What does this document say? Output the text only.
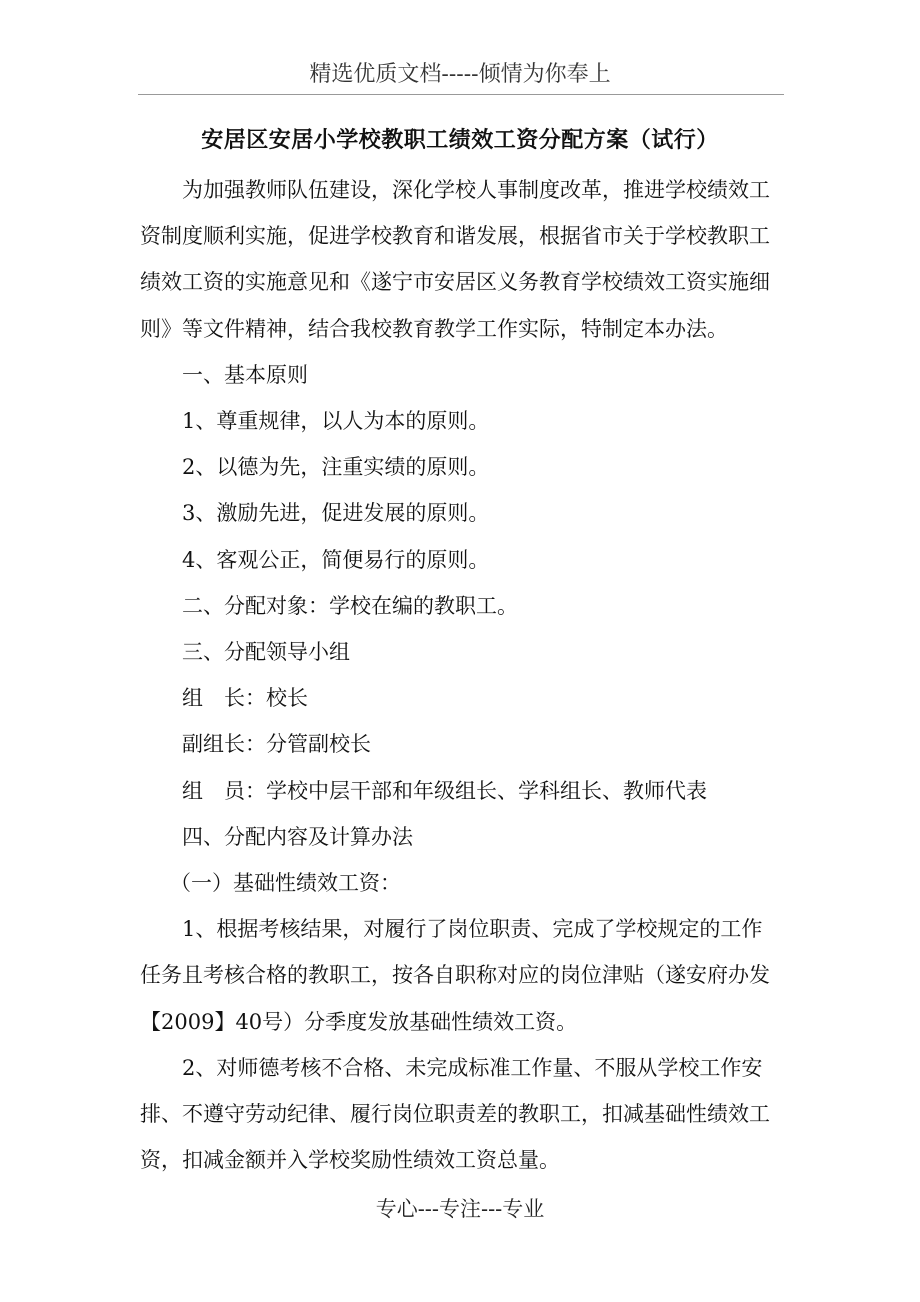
精选优质文档-----倾情为你奉上
安居区安居小学校教职工绩效工资分配方案（试行）

为加强教师队伍建设，深化学校人事制度改革，推进学校绩效工
资制度顺利实施，促进学校教育和谐发展，根据省市关于学校教职工
绩效工资的实施意见和《遂宁市安居区义务教育学校绩效工资实施细
则》等文件精神，结合我校教育教学工作实际，特制定本办法。

一、基本原则

1、尊重规律，以人为本的原则。

2、以德为先，注重实绩的原则。

3、激励先进，促进发展的原则。

4、客观公正，简便易行的原则。

二、分配对象：学校在编的教职工。

三、分配领导小组

组　长：校长

副组长：分管副校长

组　员：学校中层干部和年级组长、学科组长、教师代表

四、分配内容及计算办法

（一）基础性绩效工资：

1、根据考核结果，对履行了岗位职责、完成了学校规定的工作
任务且考核合格的教职工，按各自职称对应的岗位津贴（遂安府办发
【2009】40号）分季度发放基础性绩效工资。

2、对师德考核不合格、未完成标准工作量、不服从学校工作安
排、不遵守劳动纪律、履行岗位职责差的教职工，扣减基础性绩效工
资，扣减金额并入学校奖励性绩效工资总量。

专心---专注---专业
